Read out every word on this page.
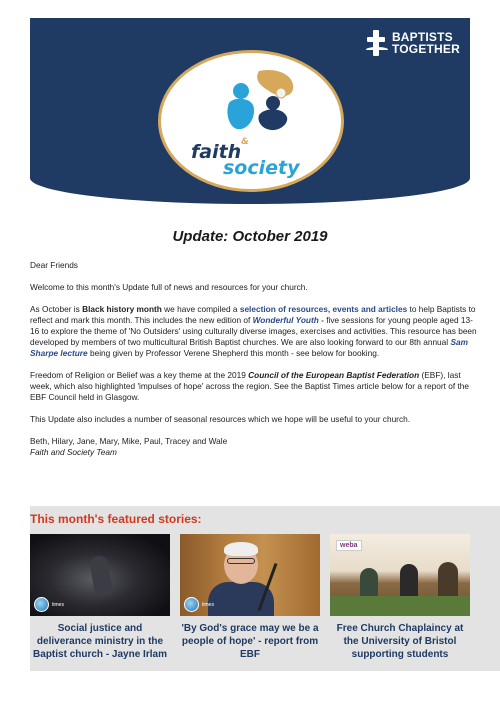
BAPTISTS
TOGETHER
faith &
society
Update: October 2019

Dear Friends

Welcome to this month's Update full of news and resources for your church.

As October is Black history month we have compiled a selection of resources, events and articles to help Baptists to reflect and mark this month. This includes the new edition of Wonderful Youth - five sessions for young people aged 13-16 to explore the theme of 'No Outsiders' using culturally diverse images, exercises and activities. This resource has been developed by members of two multicultural British Baptist churches. We are also looking forward to our 8th annual Sam Sharpe lecture being given by Professor Verene Shepherd this month - see below for booking.

Freedom of Religion or Belief was a key theme at the 2019 Council of the European Baptist Federation (EBF), last week, which also highlighted 'impulses of hope' across the region. See the Baptist Times article below for a report of the EBF Council held in Glasgow.

This Update also includes a number of seasonal resources which we hope will be useful to your church.

Beth, Hilary, Jane, Mary, Mike, Paul, Tracey and Wale
Faith and Society Team

This month's featured stories:
times
Social justice and deliverance ministry in the Baptist church - Jayne Irlam
times
'By God's grace may we be a people of hope' - report from EBF
weba
Free Church Chaplaincy at the University of Bristol supporting students
